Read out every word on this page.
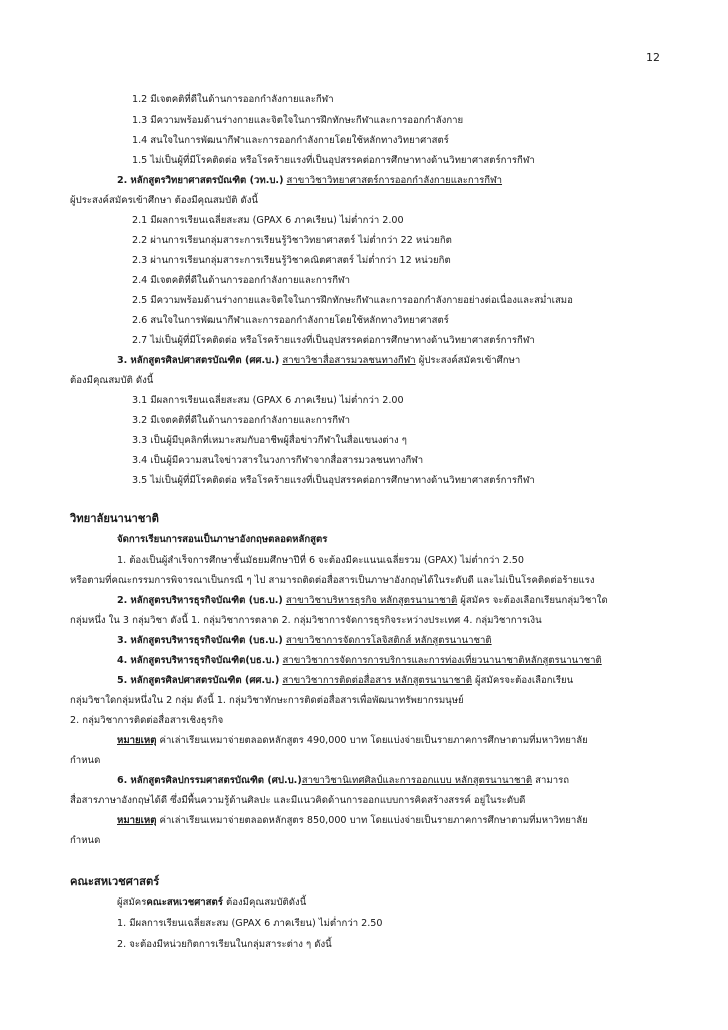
12
1.2 มีเจตคติที่ดีในด้านการออกกำลังกายและกีฬา
1.3 มีความพร้อมด้านร่างกายและจิตใจในการฝึกทักษะกีฬาและการออกกำลังกาย
1.4 สนใจในการพัฒนากีฬาและการออกกำลังกายโดยใช้หลักทางวิทยาศาสตร์
1.5 ไม่เป็นผู้ที่มีโรคติดต่อ หรือโรคร้ายแรงที่เป็นอุปสรรคต่อการศึกษาทางด้านวิทยาศาสตร์การกีฬา
2. หลักสูตรวิทยาศาสตรบัณฑิต (วท.บ.) สาขาวิชาวิทยาศาสตร์การออกกำลังกายและการกีฬา
ผู้ประสงค์สมัครเข้าศึกษา ต้องมีคุณสมบัติ ดังนี้
2.1 มีผลการเรียนเฉลี่ยสะสม (GPAX 6 ภาคเรียน) ไม่ต่ำกว่า 2.00
2.2 ผ่านการเรียนกลุ่มสาระการเรียนรู้วิชาวิทยาศาสตร์ ไม่ต่ำกว่า 22 หน่วยกิต
2.3 ผ่านการเรียนกลุ่มสาระการเรียนรู้วิชาคณิตศาสตร์ ไม่ต่ำกว่า 12 หน่วยกิต
2.4 มีเจตคติที่ดีในด้านการออกกำลังกายและการกีฬา
2.5 มีความพร้อมด้านร่างกายและจิตใจในการฝึกทักษะกีฬาและการออกกำลังกายอย่างต่อเนื่องและสม่ำเสมอ
2.6 สนใจในการพัฒนากีฬาและการออกกำลังกายโดยใช้หลักทางวิทยาศาสตร์
2.7 ไม่เป็นผู้ที่มีโรคติดต่อ หรือโรคร้ายแรงที่เป็นอุปสรรคต่อการศึกษาทางด้านวิทยาศาสตร์การกีฬา
3. หลักสูตรศิลปศาสตรบัณฑิต (ศศ.บ.) สาขาวิชาสื่อสารมวลชนทางกีฬา ผู้ประสงค์สมัครเข้าศึกษา
ต้องมีคุณสมบัติ ดังนี้
3.1 มีผลการเรียนเฉลี่ยสะสม (GPAX 6 ภาคเรียน) ไม่ต่ำกว่า 2.00
3.2 มีเจตคติที่ดีในด้านการออกกำลังกายและการกีฬา
3.3 เป็นผู้มีบุคลิกที่เหมาะสมกับอาชีพผู้สื่อข่าวกีฬาในสื่อแขนงต่าง ๆ
3.4 เป็นผู้มีความสนใจข่าวสารในวงการกีฬาจากสื่อสารมวลชนทางกีฬา
3.5 ไม่เป็นผู้ที่มีโรคติดต่อ หรือโรคร้ายแรงที่เป็นอุปสรรคต่อการศึกษาทางด้านวิทยาศาสตร์การกีฬา
วิทยาลัยนานาชาติ
จัดการเรียนการสอนเป็นภาษาอังกฤษตลอดหลักสูตร
1. ต้องเป็นผู้สำเร็จการศึกษาชั้นมัธยมศึกษาปีที่ 6 จะต้องมีคะแนนเฉลี่ยรวม (GPAX) ไม่ต่ำกว่า 2.50
หรือตามที่คณะกรรมการพิจารณาเป็นกรณี ๆ ไป สามารถติดต่อสื่อสารเป็นภาษาอังกฤษได้ในระดับดี และไม่เป็นโรคติดต่อร้ายแรง
2. หลักสูตรบริหารธุรกิจบัณฑิต (บธ.บ.) สาขาวิชาบริหารธุรกิจ หลักสูตรนานาชาติ ผู้สมัคร จะต้องเลือกเรียนกลุ่มวิชาใด
กลุ่มหนึ่ง ใน 3 กลุ่มวิชา ดังนี้ 1. กลุ่มวิชาการตลาด 2. กลุ่มวิชาการจัดการธุรกิจระหว่างประเทศ 4. กลุ่มวิชาการเงิน
3. หลักสูตรบริหารธุรกิจบัณฑิต (บธ.บ.) สาขาวิชาการจัดการโลจิสติกส์ หลักสูตรนานาชาติ
4. หลักสูตรบริหารธุรกิจบัณฑิต(บธ.บ.) สาขาวิชาการจัดการการบริการและการท่องเที่ยวนานาชาติหลักสูตรนานาชาติ
5. หลักสูตรศิลปศาสตรบัณฑิต (ศศ.บ.) สาขาวิชาการติดต่อสื่อสาร หลักสูตรนานาชาติ ผู้สมัครจะต้องเลือกเรียน
กลุ่มวิชาใดกลุ่มหนึ่งใน 2 กลุ่ม ดังนี้ 1. กลุ่มวิชาทักษะการติดต่อสื่อสารเพื่อพัฒนาทรัพยากรมนุษย์
2. กลุ่มวิชาการติดต่อสื่อสารเชิงธุรกิจ
หมายเหตุ ค่าเล่าเรียนเหมาจ่ายตลอดหลักสูตร 490,000 บาท โดยแบ่งจ่ายเป็นรายภาคการศึกษาตามที่มหาวิทยาลัย
กำหนด
6. หลักสูตรศิลปกรรมศาสตรบัณฑิต (ศป.บ.)สาขาวิชานิเทศศิลป์และการออกแบบ หลักสูตรนานาชาติ สามารถ
สื่อสารภาษาอังกฤษได้ดี ซึ่งมีพื้นความรู้ด้านศิลปะ และมีแนวคิดด้านการออกแบบการคิดสร้างสรรค์ อยู่ในระดับดี
หมายเหตุ ค่าเล่าเรียนเหมาจ่ายตลอดหลักสูตร 850,000 บาท โดยแบ่งจ่ายเป็นรายภาคการศึกษาตามที่มหาวิทยาลัย
กำหนด
คณะสหเวชศาสตร์
ผู้สมัครคณะสหเวชศาสตร์ ต้องมีคุณสมบัติดังนี้
1. มีผลการเรียนเฉลี่ยสะสม (GPAX 6 ภาคเรียน) ไม่ต่ำกว่า 2.50
2. จะต้องมีหน่วยกิตการเรียนในกลุ่มสาระต่าง ๆ ดังนี้
